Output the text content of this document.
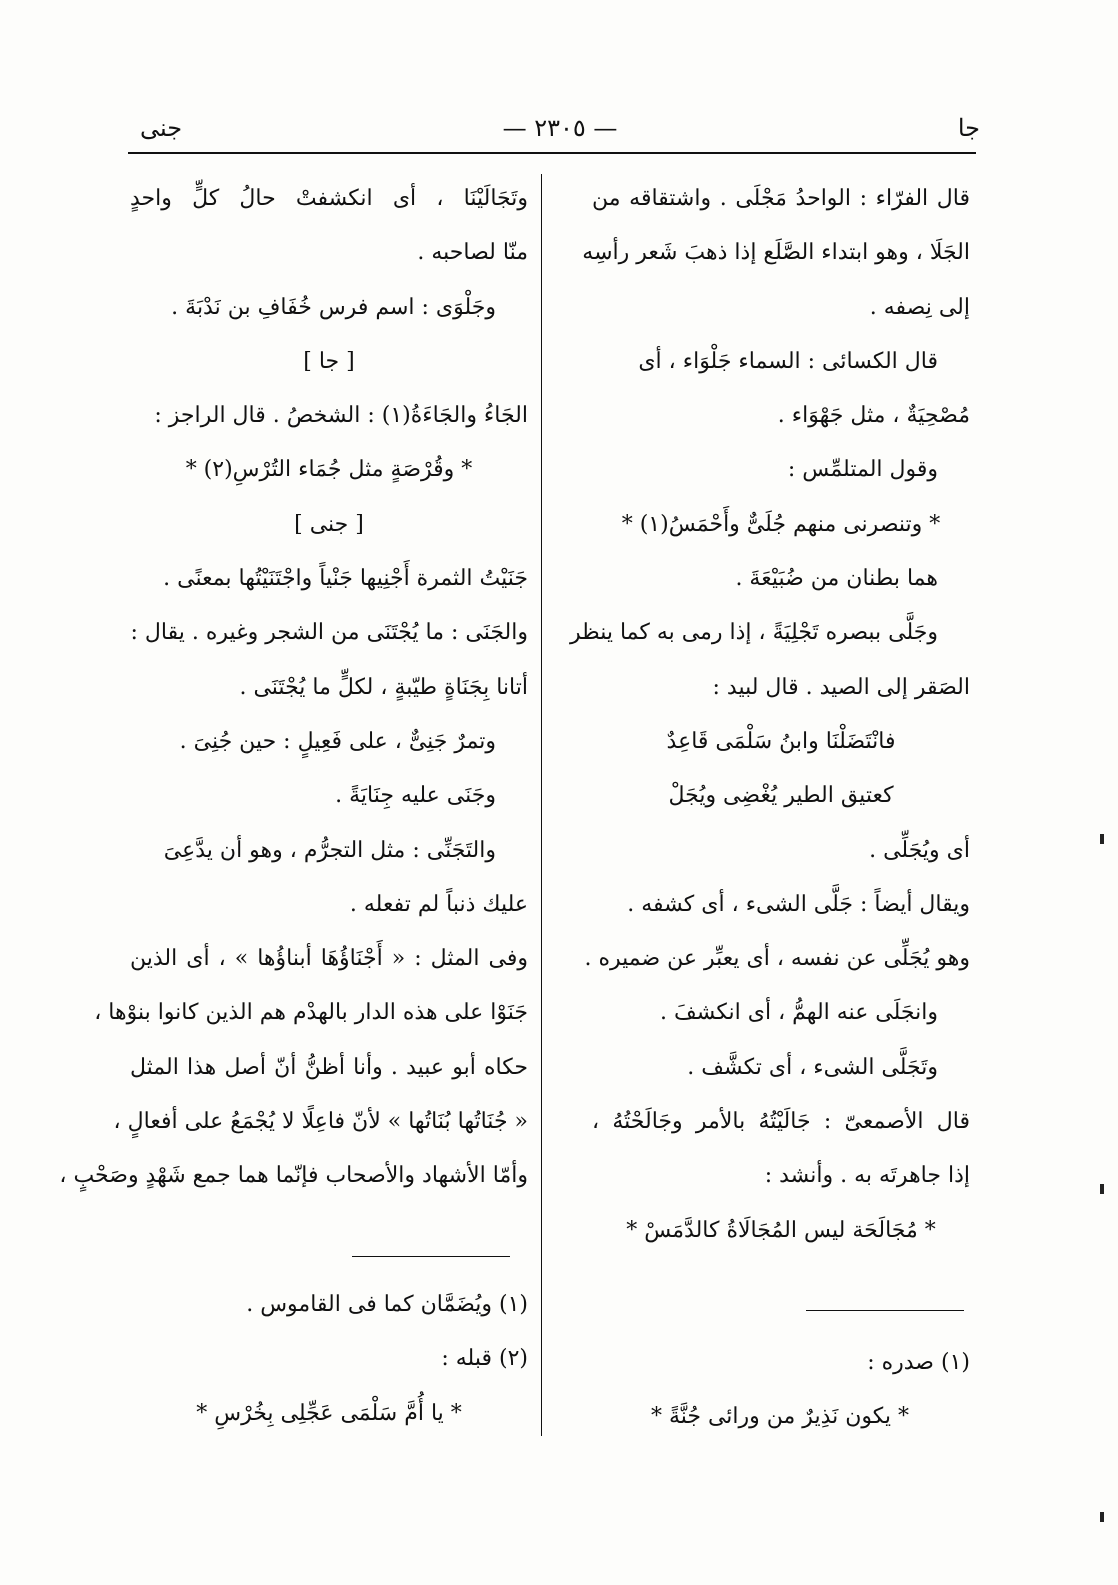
جا
— ٢٣٠٥ —
جنى
قال الفرّاء : الواحدُ مَجْلَى . واشتقاقه من
الجَلَا ، وهو ابتداء الصَّلَع إذا ذهبَ شَعر رأسِه
إلى نِصفه .
قال الكسائى : السماء جَلْوَاء ، أى
مُصْحِيَةٌ ، مثل جَهْوَاء .
وقول المتلمِّس :
* وتنصرنى منهم جُلَىٌّ وأَحْمَسُ(١) *
هما بطنان من ضُبَيْعَةَ .
وجَلَّى ببصره تَجْلِيَةً ، إذا رمى به كما ينظر
الصَقر إلى الصيد . قال لبيد :
فانْتَضَلْنَا وابنُ سَلْمَى قَاعِدٌ
كعتيق الطير يُغْضِى ويُجَلْ
أى ويُجَلِّى .
ويقال أيضاً : جَلَّى الشىء ، أى كشفه .
وهو يُجَلِّى عن نفسه ، أى يعبِّر عن ضميره .
وانجَلَى عنه الهمُّ ، أى انكشفَ .
وتَجَلَّى الشىء ، أى تكشَّف .
قال الأصمعىّ : جَالَيْتُهُ بالأمر وجَالَحْتُهُ ،
إذا جاهرتَه به . وأنشد :
* مُجَالَحَة ليس المُجَالَاةُ كالدَّمَسْ *
وتَجَالَيْنَا ، أى انكشفتْ حالُ كلٍّ واحدٍ
منّا لصاحبه .
وجَلْوَى : اسم فرس خُفَافِ بن نَدْبَةَ .
[ جا ]
الجَاءُ والجَاءَةُ(١) : الشخصُ . قال الراجز :
* وقُرْصَةٍ مثل جُمَاء التُرْسِ(٢) *
[ جنى ]
جَنَيْتُ الثمرة أَجْنِيها جَنْياً واجْتَنَيْتُها بمعنًى .
والجَنَى : ما يُجْتَنَى من الشجر وغيره . يقال :
أتانا بِجَنَاةٍ طيّبةٍ ، لكلٍّ ما يُجْتَنَى .
وتمرٌ جَنِىٌّ ، على فَعِيلٍ : حين جُنِىَ .
وجَنَى عليه جِنَايَةً .
والتَجَنِّى : مثل التجرُّم ، وهو أن يدَّعِىَ
عليك ذنباً لم تفعله .
وفى المثل : « أَجْنَاؤُهَا أبناؤُها » ، أى الذين
جَنَوْا على هذه الدار بالهدْم هم الذين كانوا بنوْها ،
حكاه أبو عبيد . وأنا أظنُّ أنّ أصل هذا المثل
« جُنَاتُها بُنَاتُها » لأنّ فاعِلًا لا يُجْمَعُ على أفعالٍ ،
وأمّا الأشهاد والأصحاب فإنّما هما جمع شَهْدٍ وصَحْبٍ ،
(١) صدره :
* يكون نَذِيرٌ من ورائى جُنَّةً *
(١) ويُضَمَّان كما فى القاموس .
(٢) قبله :
* يا أُمَّ سَلْمَى عَجِّلِى بِخُرْسِ *
